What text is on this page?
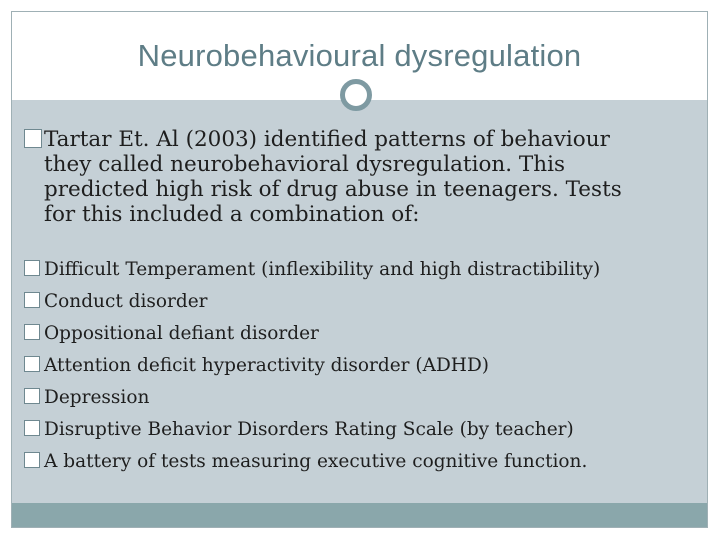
Neurobehavioural dysregulation
Tartar Et. Al (2003) identified patterns of behaviour
they called neurobehavioral dysregulation. This
predicted high risk of drug abuse in teenagers. Tests
for this included a combination of:
Difficult Temperament (inflexibility and high distractibility)
Conduct disorder
Oppositional defiant disorder
Attention deficit hyperactivity disorder (ADHD)
Depression
Disruptive Behavior Disorders Rating Scale (by teacher)
A battery of tests measuring executive cognitive function.
